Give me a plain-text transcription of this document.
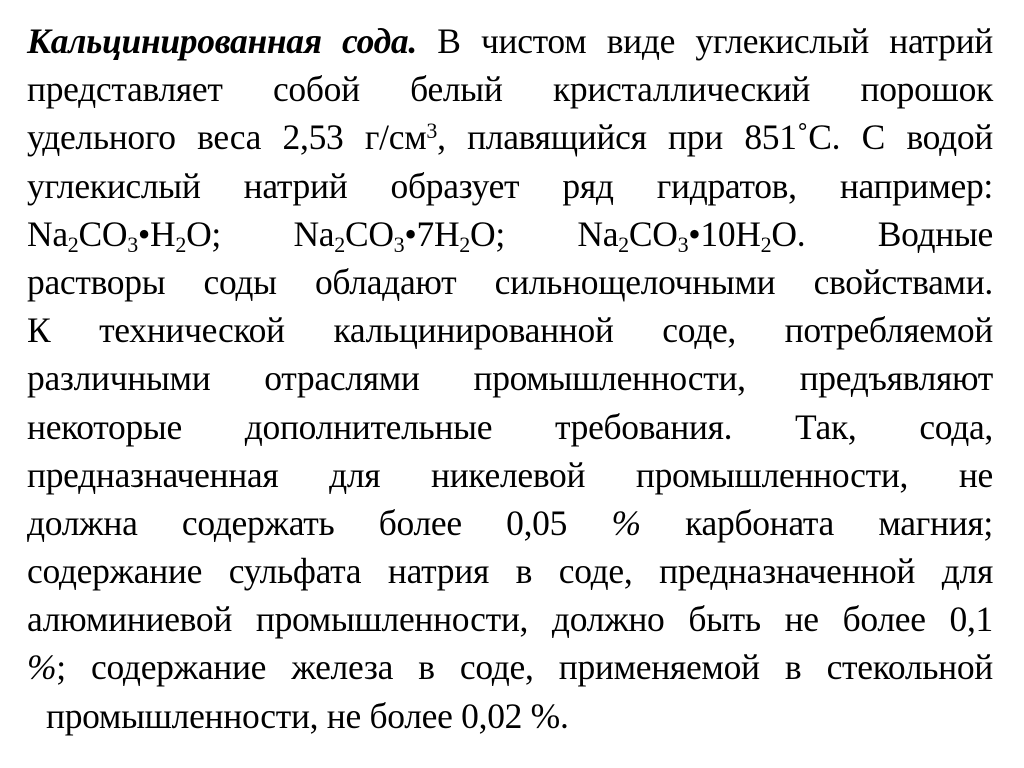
Кальцинированная сода. В чистом виде углекислый натрий
представляет собой белый кристаллический порошок
удельного веса 2,53 $г/см^3$, плавящийся при 851˚С. С водой
углекислый натрий образует ряд гидратов, например:
$Na_2CO_3•H_2O$; $Na_2CO_3•7H_2O$; $Na_2CO_3•10H_2O$. Водные
растворы соды обладают сильнощелочными свойствами.
К технической кальцинированной соде, потребляемой
различными отраслями промышленности, предъявляют
некоторые дополнительные требования. Так, сода,
предназначенная для никелевой промышленности, не
должна содержать более 0,05 % карбоната магния;
содержание сульфата натрия в соде, предназначенной для
алюминиевой промышленности, должно быть не более 0,1
%; содержание железа в соде, применяемой в стекольной
промышленности, не более 0,02 %.
